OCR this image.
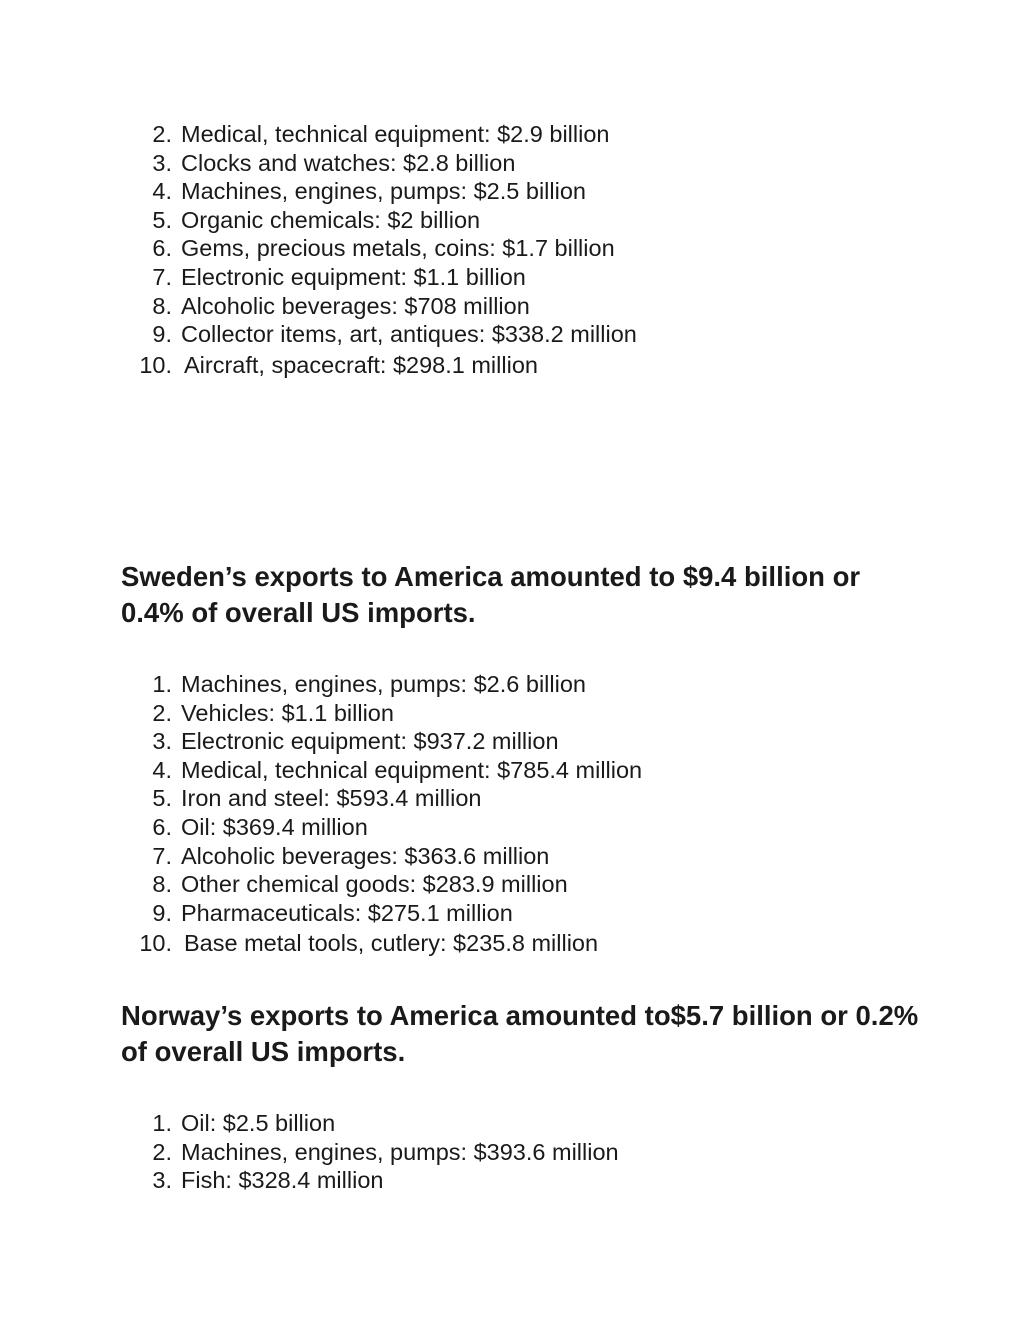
2. Medical, technical equipment: $2.9 billion
3. Clocks and watches: $2.8 billion
4. Machines, engines, pumps: $2.5 billion
5. Organic chemicals: $2 billion
6. Gems, precious metals, coins: $1.7 billion
7. Electronic equipment: $1.1 billion
8. Alcoholic beverages: $708 million
9. Collector items, art, antiques: $338.2 million
10. Aircraft, spacecraft: $298.1 million
Sweden’s exports to America amounted to $9.4 billion or 0.4% of overall US imports.
1. Machines, engines, pumps: $2.6 billion
2. Vehicles: $1.1 billion
3. Electronic equipment: $937.2 million
4. Medical, technical equipment: $785.4 million
5. Iron and steel: $593.4 million
6. Oil: $369.4 million
7. Alcoholic beverages: $363.6 million
8. Other chemical goods: $283.9 million
9. Pharmaceuticals: $275.1 million
10. Base metal tools, cutlery: $235.8 million
Norway’s exports to America amounted to$5.7 billion or 0.2% of overall US imports.
1. Oil: $2.5 billion
2. Machines, engines, pumps: $393.6 million
3. Fish: $328.4 million
